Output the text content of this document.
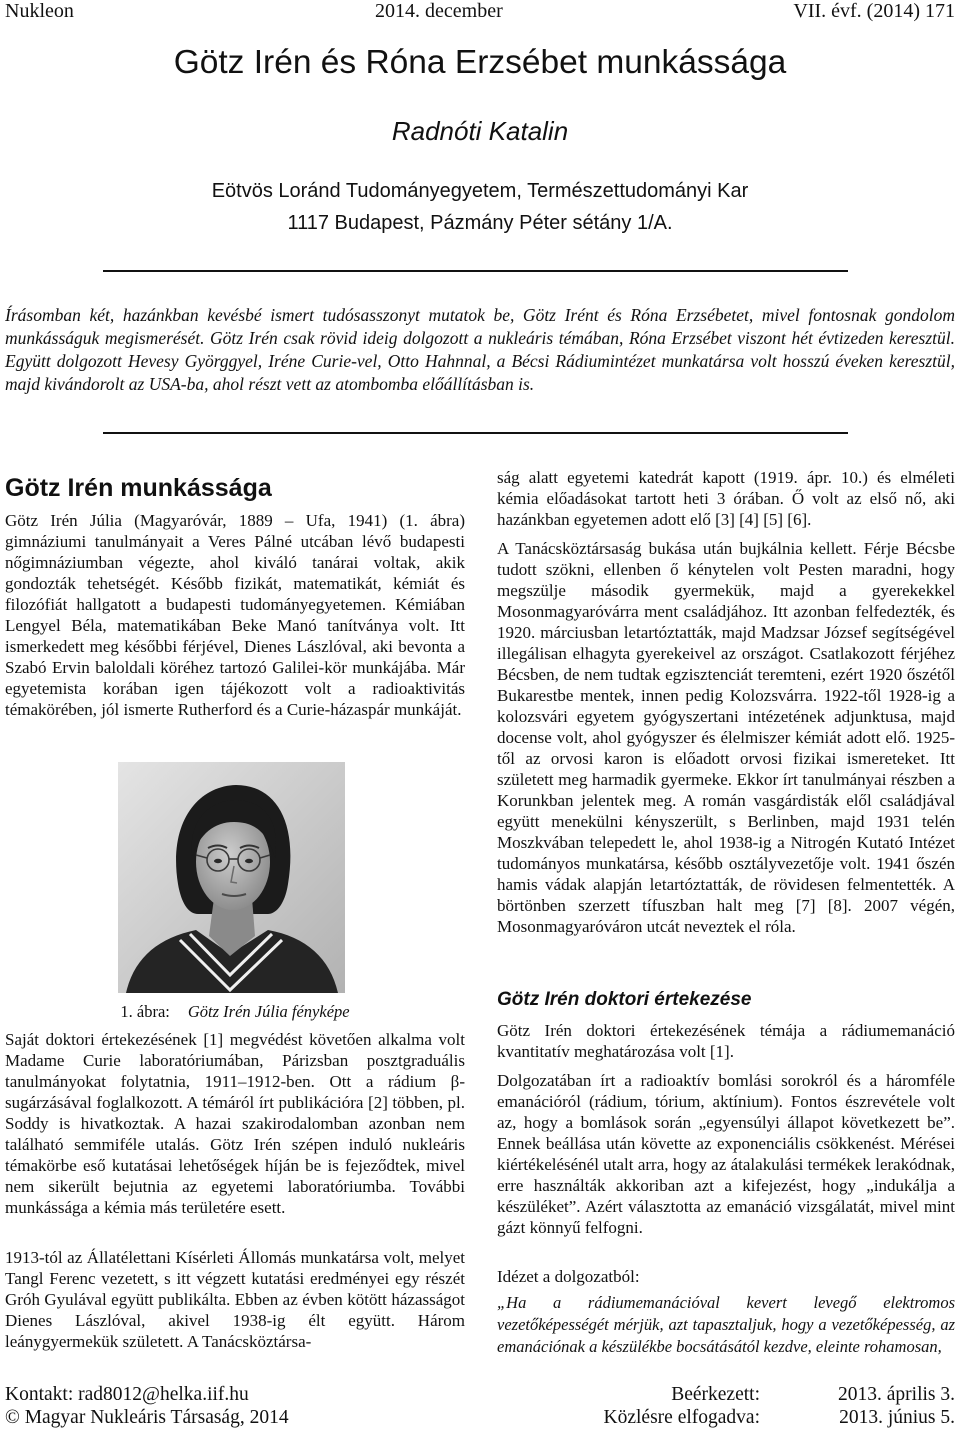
Nukleon	2014. december	VII. évf. (2014) 171
Götz Irén és Róna Erzsébet munkássága
Radnóti Katalin
Eötvös Loránd Tudományegyetem, Természettudományi Kar
1117 Budapest, Pázmány Péter sétány 1/A.
Írásomban két, hazánkban kevésbé ismert tudósasszonyt mutatok be, Götz Irént és Róna Erzsébetet, mivel fontosnak gondolom munkásságuk megismerését. Götz Irén csak rövid ideig dolgozott a nukleáris témában, Róna Erzsébet viszont hét évtizeden keresztül. Együtt dolgozott Hevesy Györggyel, Iréne Curie-vel, Otto Hahnnal, a Bécsi Rádiumintézet munkatársa volt hosszú éveken keresztül, majd kivándorolt az USA-ba, ahol részt vett az atombomba előállításban is.
Götz Irén munkássága

Götz Irén Júlia (Magyaróvár, 1889 – Ufa, 1941) (1. ábra) gimnáziumi tanulmányait a Veres Pálné utcában lévő budapesti nőgimnáziumban végezte, ahol kiváló tanárai voltak, akik gondozták tehetségét. Később fizikát, matematikát, kémiát és filozófiát hallgatott a budapesti tudományegyetemen. Kémiában Lengyel Béla, matematikában Beke Manó tanítványa volt. Itt ismerkedett meg későbbi férjével, Dienes Lászlóval, aki bevonta a Szabó Ervin baloldali köréhez tartozó Galilei-kör munkájába. Már egyetemista korában igen tájékozott volt a radioaktivitás témakörében, jól ismerte Rutherford és a Curie-házaspár munkáját.

1. ábra: Götz Irén Júlia fényképe

Saját doktori értekezésének [1] megvédést követően alkalma volt Madame Curie laboratóriumában, Párizsban posztgraduális tanulmányokat folytatnia, 1911–1912-ben. Ott a rádium β-sugárzásával foglalkozott. A témáról írt publikációra [2] többen, pl. Soddy is hivatkoztak. A hazai szakirodalomban azonban nem található semmiféle utalás. Götz Irén szépen induló nukleáris témakörbe eső kutatásai lehetőségek híján be is fejeződtek, mivel nem sikerült bejutnia az egyetemi laboratóriumba. További munkássága a kémia más területére esett.

1913-tól az Állatélettani Kísérleti Állomás munkatársa volt, melyet Tangl Ferenc vezetett, s itt végzett kutatási eredményei egy részét Gróh Gyulával együtt publikálta. Ebben az évben kötött házasságot Dienes Lászlóval, akivel 1938-ig élt együtt. Három leánygyermekük született. A Tanácsköztársa-

ság alatt egyetemi katedrát kapott (1919. ápr. 10.) és elméleti kémia előadásokat tartott heti 3 órában. Ő volt az első nő, aki hazánkban egyetemen adott elő [3] [4] [5] [6].

A Tanácsköztársaság bukása után bujkálnia kellett. Férje Bécsbe tudott szökni, ellenben ő kénytelen volt Pesten maradni, hogy megszülje második gyermekük, majd a gyerekekkel Mosonmagyaróvárra ment családjához. Itt azonban felfedezték, és 1920. márciusban letartóztatták, majd Madzsar József segítségével illegálisan elhagyta gyerekeivel az országot. Csatlakozott férjéhez Bécsben, de nem tudtak egzisztenciát teremteni, ezért 1920 őszétől Bukarestbe mentek, innen pedig Kolozsvárra. 1922-től 1928-ig a kolozsvári egyetem gyógyszertani intézetének adjunktusa, majd docense volt, ahol gyógyszer és élelmiszer kémiát adott elő. 1925-től az orvosi karon is előadott orvosi fizikai ismereteket. Itt született meg harmadik gyermeke. Ekkor írt tanulmányai részben a Korunkban jelentek meg. A román vasgárdisták elől családjával együtt menekülni kényszerült, s Berlinben, majd 1931 telén Moszkvában telepedett le, ahol 1938-ig a Nitrogén Kutató Intézet tudományos munkatársa, később osztályvezetője volt. 1941 őszén hamis vádak alapján letartóztatták, de rövidesen felmentették. A börtönben szerzett tífuszban halt meg [7] [8]. 2007 végén, Mosonmagyaróváron utcát neveztek el róla.

Götz Irén doktori értekezése

Götz Irén doktori értekezésének témája a rádiumemanáció kvantitatív meghatározása volt [1].

Dolgozatában írt a radioaktív bomlási sorokról és a háromféle emanációról (rádium, tórium, aktínium). Fontos észrevétele volt az, hogy a bomlások során „egyensúlyi állapot következett be”. Ennek beállása után követte az exponenciális csökkenést. Mérései kiértékelésénél utalt arra, hogy az átalakulási termékek lerakódnak, erre használták akkoriban azt a kifejezést, hogy „indukálja a készüléket”. Azért választotta az emanáció vizsgálatát, mivel mint gázt könnyű felfogni.

Idézet a dolgozatból:

„Ha a rádiumemanációval kevert levegő elektromos vezetőképességét mérjük, azt tapasztaljuk, hogy a vezetőképesség, az emanációnak a készülékbe bocsátásától kezdve, eleinte rohamosan,

Kontakt: rad8012@helka.iif.hu	Beérkezett:	2013. április 3.
© Magyar Nukleáris Társaság, 2014	Közlésre elfogadva:	2013. június 5.
